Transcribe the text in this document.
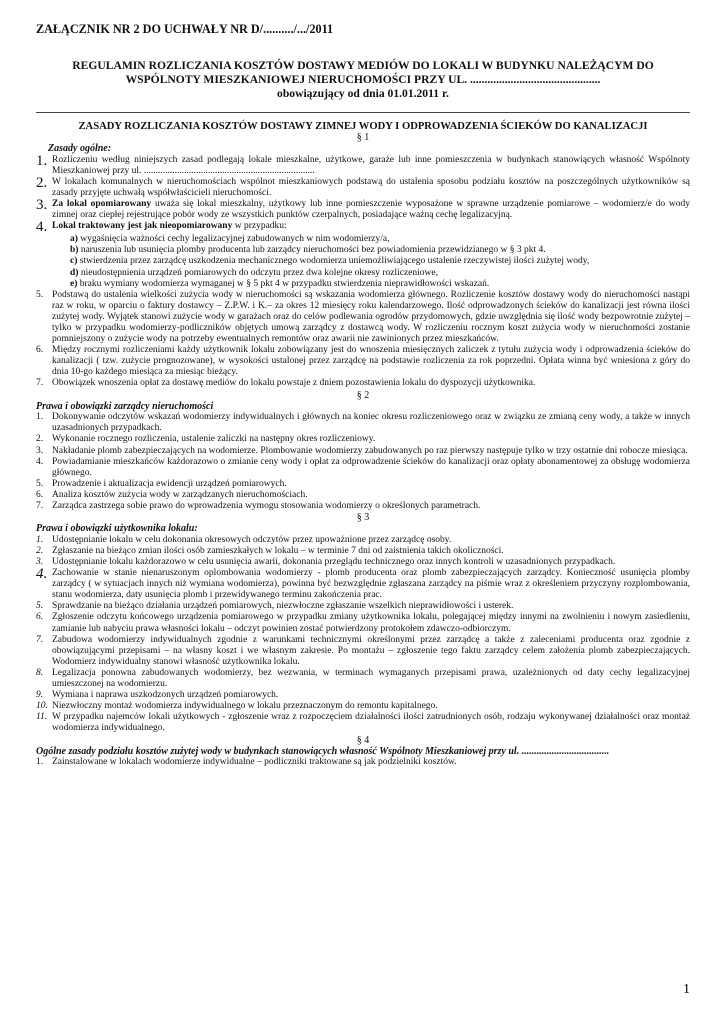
ZAŁĄCZNIK NR 2 DO UCHWAŁY NR D/........../.../2011
REGULAMIN ROZLICZANIA KOSZTÓW DOSTAWY MEDIÓW DO LOKALI W BUDYNKU NALEŻĄCYM DO WSPÓLNOTY MIESZKANIOWEJ NIERUCHOMOŚCI PRZY UL. .............................................
obowiązujący od dnia 01.01.2011 r.
ZASADY ROZLICZANIA KOSZTÓW DOSTAWY ZIMNEJ WODY I ODPROWADZENIA ŚCIEKÓW DO KANALIZACJI
§ 1
Zasady ogólne:
1. Rozliczeniu według niniejszych zasad podlegają lokale mieszkalne, użytkowe, garaże lub inne pomieszczenia w budynkach stanowiących własność Wspólnoty Mieszkaniowej przy ul. ........................................................................
2. W lokalach komunalnych w nieruchomościach wspólnot mieszkaniowych podstawą do ustalenia sposobu podziału kosztów na poszczególnych użytkowników są zasady przyjęte uchwałą współwłaścicieli nieruchomości.
3. Za lokal opomiarowany uważa się lokal mieszkalny, użytkowy lub inne pomieszczenie wyposażone w sprawne urządzenie pomiarowe – wodomierz/e do wody zimnej oraz ciepłej rejestrujące pobór wody ze wszystkich punktów czerpalnych, posiadające ważną cechę legalizacyjną.
4. Lokal traktowany jest jak nieopomiarowany w przypadku:
a) wygaśnięcia ważności cechy legalizacyjnej zabudowanych w nim wodomierzy/a,
b) naruszenia lub usunięcia plomby producenta lub zarządcy nieruchomości bez powiadomienia przewidzianego w § 3 pkt 4.
c) stwierdzenia przez zarządcę uszkodzenia mechanicznego wodomierza uniemożliwiającego ustalenie rzeczywistej ilości zużytej wody,
d) nieudostępnienia urządzeń pomiarowych do odczytu przez dwa kolejne okresy rozliczeniowe,
e) braku wymiany wodomierza wymaganej w § 5 pkt 4 w przypadku stwierdzenia nieprawidłowości wskazań.
5. Podstawą do ustalenia wielkości zużycia wody w nieruchomości są wskazania wodomierza głównego. Rozliczenie kosztów dostawy wody do nieruchomości nastąpi raz w roku, w oparciu o faktury dostawcy – Z.P.W. i K.– za okres 12 miesięcy roku kalendarzowego. Ilość odprowadzonych ścieków do kanalizacji jest równa ilości zużytej wody. Wyjątek stanowi zużycie wody w garażach oraz do celów podlewania ogrodów przydomowych, gdzie uwzględnia się ilość wody bezpowrotnie zużytej – tylko w przypadku wodomierzy-podliczników objętych umową zarządcy z dostawcą wody. W rozliczeniu rocznym koszt zużycia wody w nieruchomości zostanie pomniejszony o zużycie wody na potrzeby ewentualnych remontów oraz awarii nie zawinionych przez mieszkańców.
6. Między rocznymi rozliczeniami każdy użytkownik lokalu zobowiązany jest do wnoszenia miesięcznych zaliczek z tytułu zużycia wody i odprowadzenia ścieków do kanalizacji ( tzw. zużycie prognozowane), w wysokości ustalonej przez zarządcę na podstawie rozliczenia za rok poprzedni. Opłata winna być wniesiona z góry do dnia 10-go każdego miesiąca za miesiąc bieżący.
7. Obowiązek wnoszenia opłat za dostawę mediów do lokalu powstaje z dniem pozostawienia lokalu do dyspozycji użytkownika.
§ 2
Prawa i obowiązki zarządcy nieruchomości
1. Dokonywanie odczytów wskazań wodomierzy indywidualnych i głównych na koniec okresu rozliczeniowego oraz w związku ze zmianą ceny wody, a także w innych uzasadnionych przypadkach.
2. Wykonanie rocznego rozliczenia, ustalenie zaliczki na następny okres rozliczeniowy.
3. Nakładanie plomb zabezpieczających na wodomierze. Plombowanie wodomierzy zabudowanych po raz pierwszy następuje tylko w trzy ostatnie dni robocze miesiąca.
4. Powiadamianie mieszkańców każdorazowo o zmianie ceny wody i opłat za odprowadzenie ścieków do kanalizacji oraz opłaty abonamentowej za obsługę wodomierza głównego.
5. Prowadzenie i aktualizacja ewidencji urządzeń pomiarowych.
6. Analiza kosztów zużycia wody w zarządzanych nieruchomościach.
7. Zarządca zastrzega sobie prawo do wprowadzenia wymogu stosowania wodomierzy o określonych parametrach.
§ 3
Prawa i obowiązki użytkownika lokalu:
1. Udostępnianie lokalu w celu dokonania okresowych odczytów przez upoważnione przez zarządcę osoby.
2. Zgłaszanie na bieżąco zmian ilości osób zamieszkałych w lokalu – w terminie 7 dni od zaistnienia takich okoliczności.
3. Udostępnianie lokalu każdorazowo w celu usunięcia awarii, dokonania przeglądu technicznego oraz innych kontroli w uzasadnionych przypadkach.
4. Zachowanie w stanie nienaruszonym oplombowania wodomierzy - plomb producenta oraz plomb zabezpieczających zarządcy. Konieczność usunięcia plomby zarządcy ( w sytuacjach innych niż wymiana wodomierza), powinna być bezwzględnie zgłaszana zarządcy na piśmie wraz z określeniem przyczyny rozplombowania, stanu wodomierza, daty usunięcia plomb i przewidywanego terminu zakończenia prac.
5. Sprawdzanie na bieżąco działania urządzeń pomiarowych, niezwłoczne zgłaszanie wszelkich nieprawidłowości i usterek.
6. Zgłoszenie odczytu końcowego urządzenia pomiarowego w przypadku zmiany użytkownika lokalu, polegającej między innymi na zwolnieniu i nowym zasiedleniu, zamianie lub nabyciu prawa własności lokalu – odczyt powinien zostać potwierdzony protokołem zdawczo-odbiorczym.
7. Zabudowa wodomierzy indywidualnych zgodnie z warunkami technicznymi określonymi przez zarządcę a także z zaleceniami producenta oraz zgodnie z obowiązującymi przepisami – na własny koszt i we własnym zakresie. Po montażu – zgłoszenie tego faktu zarządcy celem założenia plomb zabezpieczających. Wodomierz indywidualny stanowi własność użytkownika lokalu.
8. Legalizacja ponowna zabudowanych wodomierzy, bez wezwania, w terminach wymaganych przepisami prawa, uzależnionych od daty cechy legalizacyjnej umieszczonej na wodomierzu.
9. Wymiana i naprawa uszkodzonych urządzeń pomiarowych.
10. Niezwłoczny montaż wodomierza indywidualnego w lokalu przeznaczonym do remontu kapitalnego.
11. W przypadku najemców lokali użytkowych - zgłoszenie wraz z rozpoczęciem działalności ilości zatrudnionych osób, rodzaju wykonywanej działalności oraz montaż wodomierza indywidualnego.
§ 4
Ogólne zasady podziału kosztów zużytej wody w budynkach stanowiących własność Wspólnoty Mieszkaniowej przy ul. ...................................
1. Zainstalowane w lokalach wodomierze indywidualne – podliczniki traktowane są jak podzielniki kosztów.
1
